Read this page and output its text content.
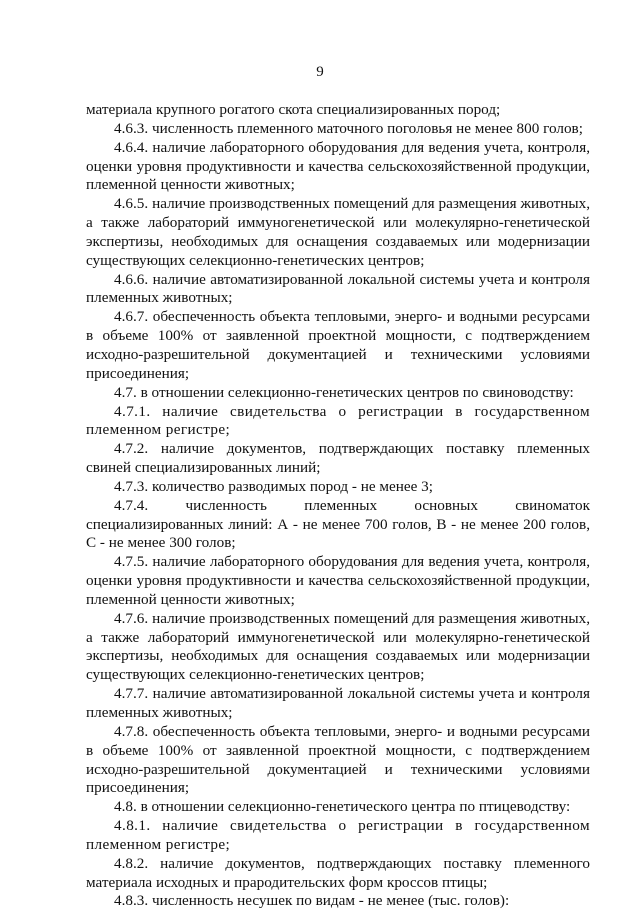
9

материала крупного рогатого скота специализированных пород;

4.6.3. численность племенного маточного поголовья не менее 800 голов;

4.6.4. наличие лабораторного оборудования для ведения учета, контроля, оценки уровня продуктивности и качества сельскохозяйственной продукции, племенной ценности животных;

4.6.5. наличие производственных помещений для размещения животных, а также лабораторий иммуногенетической или молекулярно-генетической экспертизы, необходимых для оснащения создаваемых или модернизации существующих селекционно-генетических центров;

4.6.6. наличие автоматизированной локальной системы учета и контроля племенных животных;

4.6.7. обеспеченность объекта тепловыми, энерго- и водными ресурсами в объеме 100% от заявленной проектной мощности, с подтверждением исходно-разрешительной документацией и техническими условиями присоединения;

4.7. в отношении селекционно-генетических центров по свиноводству:

4.7.1. наличие свидетельства о регистрации в государственном племенном регистре;

4.7.2. наличие документов, подтверждающих поставку племенных свиней специализированных линий;

4.7.3. количество разводимых пород - не менее 3;

4.7.4. численность племенных основных свиноматок специализированных линий: А - не менее 700 голов, В - не менее 200 голов, С - не менее 300 голов;

4.7.5. наличие лабораторного оборудования для ведения учета, контроля, оценки уровня продуктивности и качества сельскохозяйственной продукции, племенной ценности животных;

4.7.6. наличие производственных помещений для размещения животных, а также лабораторий иммуногенетической или молекулярно-генетической экспертизы, необходимых для оснащения создаваемых или модернизации существующих селекционно-генетических центров;

4.7.7. наличие автоматизированной локальной системы учета и контроля племенных животных;

4.7.8. обеспеченность объекта тепловыми, энерго- и водными ресурсами в объеме 100% от заявленной проектной мощности, с подтверждением исходно-разрешительной документацией и техническими условиями присоединения;

4.8. в отношении селекционно-генетического центра по птицеводству:

4.8.1. наличие свидетельства о регистрации в государственном племенном регистре;

4.8.2. наличие документов, подтверждающих поставку племенного материала исходных и прародительских форм кроссов птицы;

4.8.3. численность несушек по видам - не менее (тыс. голов):
